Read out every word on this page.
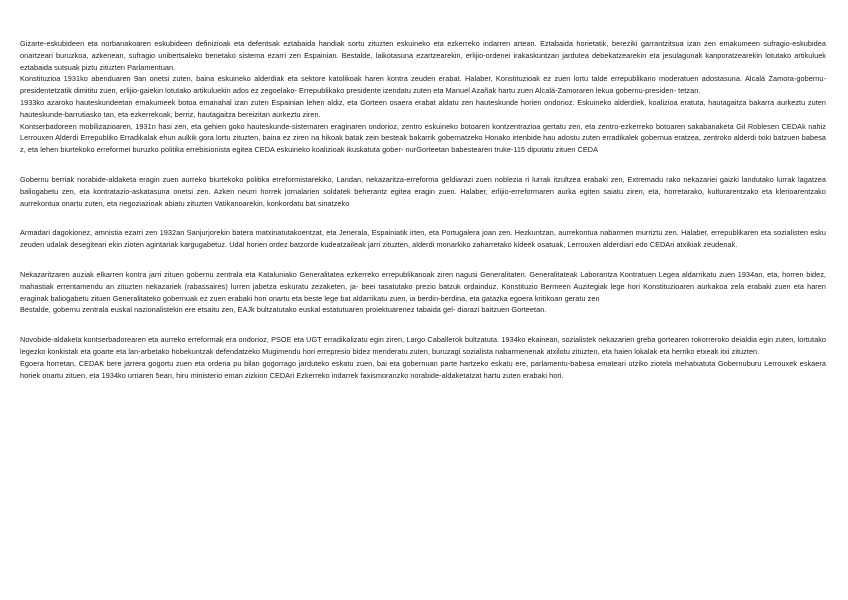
Gizarte-eskubideen eta norbanakoaren eskubideen definizioak eta defentsak eztabaida handiak sortu zituzten eskuineko eta ezkerreko indarren artean. Eztabaida horietatik, bereziki garrantzitsua izan zen emakumeen sufragio-eskubidea onartzeari buruzkoa, azkenean, sufragio unibertsaleko benetako sistema ezarri zen Espainian. Bestalde, laikotasuna ezartzearekin, erlijio-ordenei irakaskuntzan jarduteа debekatzearekin eta jesulagunak kanporatzearekin lotutako artikuluek eztabaida sutsuak piztu zituzten Parlamentuan.

Konstituzioa 1931ko abenduaren 9an onetsi zuten, baina eskuineko alderdiak eta sektore katolikoak haren kontra zeuden erabat. Halaber, Konstituzioak ez zuen lortu talde errepublikano moderatuen adostasuna. Alcalá Zamora-gobernu-presidentetzatik dimititu zuen, erlijio-gaiekin lotutako artikuluekin ados ez zegoelako- Errepublikako presidente izendatu zuten eta Manuel Azañak hartu zuen Alcalá-Zamoraren lekua gobernu-presiden- tetzan.

1933ko azaroko hauteskundeetan emakumeek botoa emanahal izan zuten Espainian lehen aldiz, eta Gorteen osaera erabat aldatu zen hauteskunde horien ondorioz. Eskuineko alderdiek, koalizioa eratuta, hautagaitza bakarra aurkeztu zuten hauteskunde-barrutiasko tan, eta ezkerrekoak, berriz, hautagaitza bereizitan aurkeztu ziren.

Kontserbadoreen mobilizazioaren, 1931n hasi zen, eta gehien goko hauteskunde-sistemaren eraginaren ondorioz, zentro eskuineko botoaren kontzentrazioa gertatu zen, eta zentro-ezkerreko botoaren sakabanaketa Gil Roblesen CEDAk nahiz Lerrouxen Alderdi Errepubliko Erradikalak ehun aulkik gora lortu zituzten, baina ez ziren na hikoak batak zein besteak bakarrik gobernatzeko Honako irtenbide hau adostu zuten erradikalek gobernua eratzea, zentroko alderdi txiki batzuen babesa z, eta lehen biurtekoko erreformei buruzko politika errebisionista egitea CEDA eskuineko koalizioak ikuskatuta gober- nurGorteetan babestearen truke-115 diputatu zituen CEDA

Gobernu berriak norabide-aldaketa eragin zuen aurreko biurtekoko politika erreformistarekiko, Landan, nekazaritza-erreforma geldiarazi zuen noblezia ri lurrak itzultzea erabaki zen, Extremadu rako nekazariei gaizki landutako lurrak lagatzea baliogabetu zen, eta kontratazio-askatasuna onetsi zen. Azken neurri horrek jornalarien soldatek beherantz egitea eragin zuen. Halaber, erlijio-erreformaren aurka egiten saiatu ziren, eta, horretarako, kulturarentzako eta klerioarentzako aurrekontua onartu zuten, eta negoziazioak abiatu zituzten Vatikanoarekin, konkordatu bat sinatzeko

Armadari dagokionez, amnistia ezarri zen 1932an Sanjurjorekin batera matxinatutakoentzat, eta Jenerala, Espainiatik irten, eta Portugalera joan zen. Hezkuntzan, aurrekontua nabarmen murriztu zen. Halaber, errepublikaren eta sozialisten esku zeuden udalak desegiteari ekin zioten agintariak kargugabetuz. Udal horien ordez batzorde kudeatzaileak jarri zituzten, alderdi monarkiko zaharretako kideek osatuak, Lerrouxen alderdiari edo CEDAri atxikiak zeudenak.

Nekazaritzaren auziak elkarren kontra jarri zituen gobernu zentrala eta Kataluniako Generalitatea ezkerreko errepublikanoak ziren nagusi Generalitaten. Generalitateak Laborantza Kontratuen Legea aldarrikatu zuen 1934an, eta, horren bidez, mahastiak errentamendu an zituzten nekazariek (rabassaires) lurren jabetza eskuratu zezaketen, ja- beei tasatutako prezio batzuk ordainduz. Konstituzio Bermeen Auzitegiak lege hori Konstituzioaren aurkakoa zela erabaki zuen eta haren eraginak baliogabetu zituen Generalitateko gobernuak ez zuen erabaki hori onartu eta beste lege bat aldarrikatu zuen, ia berdin-berdina, eta gatazka egoera kritikoan geratu zen

Bestalde, gobernu zentrala euskal nazionalistekin ere etsaitu zen, EAJk bultzatutako euskal estatutuaren proiektuarenez tabaida gel- diarazi baitzuen Gorteetan.

Novobide-aldaketa kontserbadorearen eta aurreko erreformak era ondorioz, PSOE eta UGT erradikalizatu egin ziren, Largo Caballerok bultzatuta. 1934ko ekainean, sozialistek nekazarien greba gortearen rokorreroko deialdia egin zuten, lortutako legezko konkistak eta goarte eta lan-arbetako hobekuntzak defendatzeko Mugimendu hori errepresio bidez menderatu zuten, buruzagi sozialista nabarmenenak atxilotu zituzten, eta haien lokalak eta herriko etxeak itxi zituzten.

Egoera horretan, CEDAK bere jarrera gogortu zuen eta ordena pu bilan gogorrago jarduteko eskatu zuen, bai eta gobernuan parte hartzeko eskatu ere, parlamentu-babesa emateari utziko ziotela mehatxatuta Gobernuburu Lerrouxek eskaera horiek onartu zituen, eta 1934ko urriaren 5ean, hiru ministerio eman zizkion CEDAri Ezkerreko indarrek faxismoranzko norabide-aldaketatzat hartu zuten erabaki hori.
